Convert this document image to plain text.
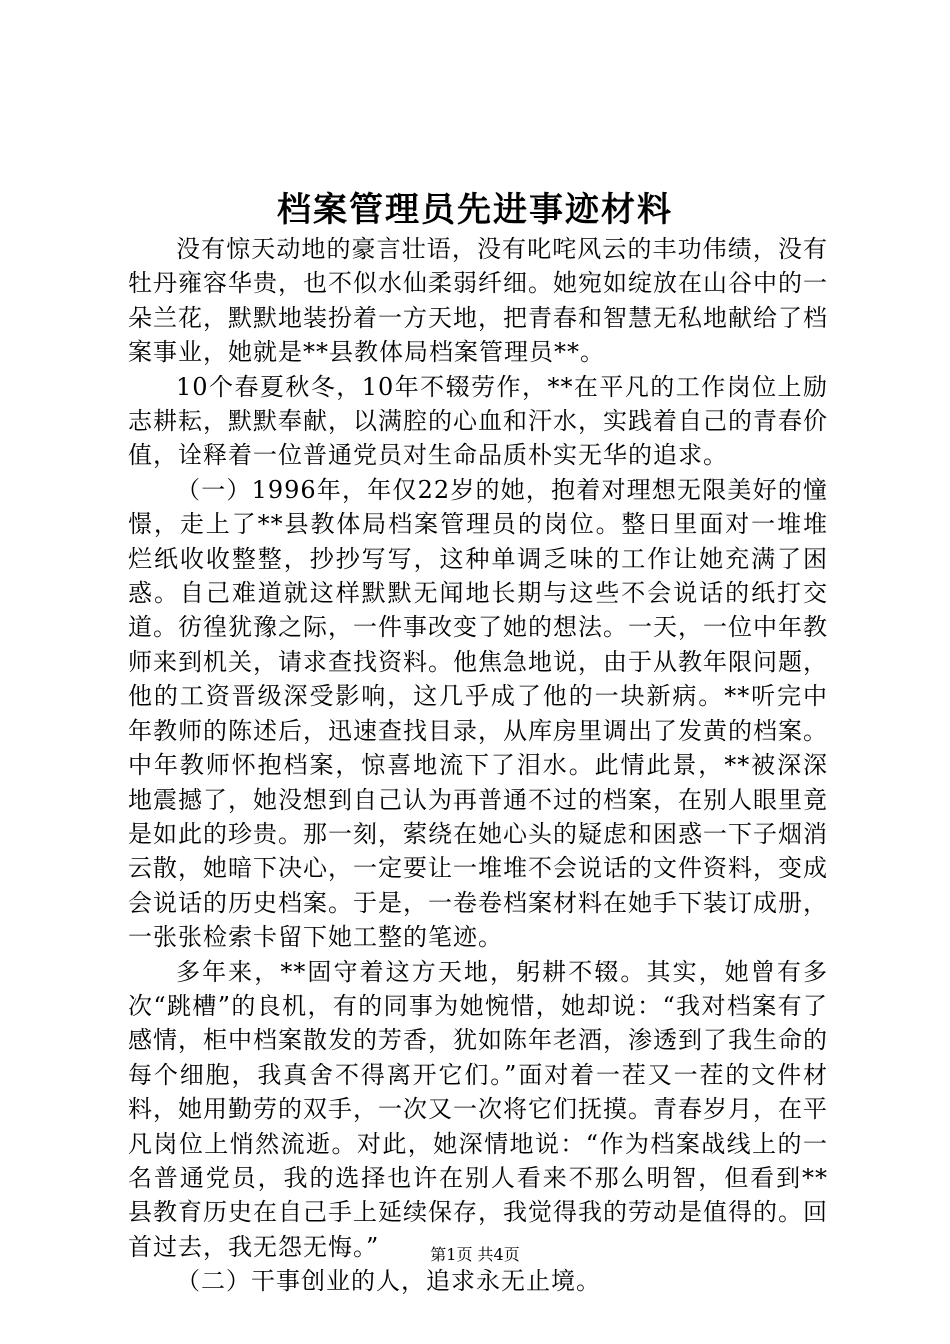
档案管理员先进事迹材料

没有惊天动地的豪言壮语，没有叱咤风云的丰功伟绩，没有牡丹雍容华贵，也不似水仙柔弱纤细。她宛如绽放在山谷中的一朵兰花，默默地装扮着一方天地，把青春和智慧无私地献给了档案事业，她就是**县教体局档案管理员**。

10个春夏秋冬，10年不辍劳作，**在平凡的工作岗位上励志耕耘，默默奉献，以满腔的心血和汗水，实践着自己的青春价值，诠释着一位普通党员对生命品质朴实无华的追求。

（一）1996年，年仅22岁的她，抱着对理想无限美好的憧憬，走上了**县教体局档案管理员的岗位。整日里面对一堆堆烂纸收收整整，抄抄写写，这种单调乏味的工作让她充满了困惑。自己难道就这样默默无闻地长期与这些不会说话的纸打交道。彷徨犹豫之际，一件事改变了她的想法。一天，一位中年教师来到机关，请求查找资料。他焦急地说，由于从教年限问题，他的工资晋级深受影响，这几乎成了他的一块新病。**听完中年教师的陈述后，迅速查找目录，从库房里调出了发黄的档案。中年教师怀抱档案，惊喜地流下了泪水。此情此景，**被深深地震撼了，她没想到自己认为再普通不过的档案，在别人眼里竟是如此的珍贵。那一刻，萦绕在她心头的疑虑和困惑一下子烟消云散，她暗下决心，一定要让一堆堆不会说话的文件资料，变成会说话的历史档案。于是，一卷卷档案材料在她手下装订成册，一张张检索卡留下她工整的笔迹。

多年来，**固守着这方天地，躬耕不辍。其实，她曾有多次“跳槽”的良机，有的同事为她惋惜，她却说：“我对档案有了感情，柜中档案散发的芳香，犹如陈年老酒，渗透到了我生命的每个细胞，我真舍不得离开它们。”面对着一茬又一茬的文件材料，她用勤劳的双手，一次又一次将它们抚摸。青春岁月，在平凡岗位上悄然流逝。对此，她深情地说：“作为档案战线上的一名普通党员，我的选择也许在别人看来不那么明智，但看到**县教育历史在自己手上延续保存，我觉得我的劳动是值得的。回首过去，我无怨无悔。”

（二）干事创业的人，追求永无止境。

第1页 共4页
